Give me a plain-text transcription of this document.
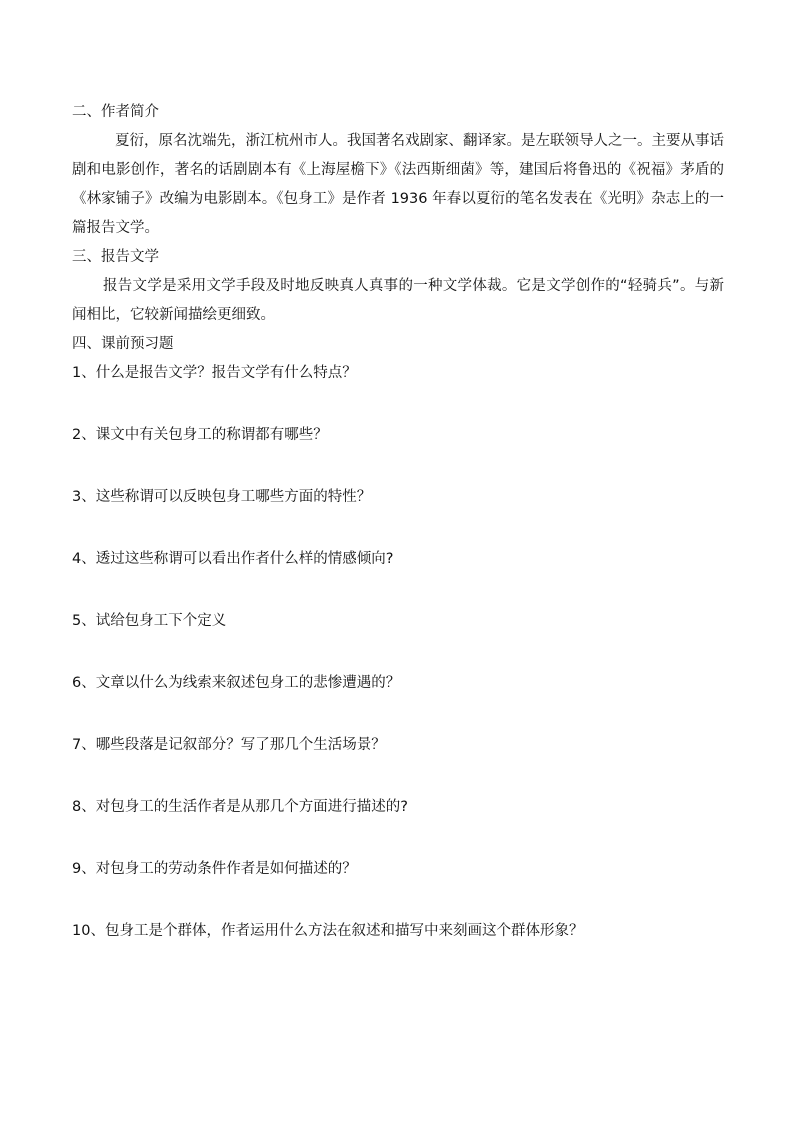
二、作者简介

夏衍，原名沈端先，浙江杭州市人。我国著名戏剧家、翻译家。是左联领导人之一。主要从事话剧和电影创作，著名的话剧剧本有《上海屋檐下》《法西斯细菌》等，建国后将鲁迅的《祝福》茅盾的《林家铺子》改编为电影剧本。《包身工》是作者 1936 年春以夏衍的笔名发表在《光明》杂志上的一篇报告文学。

三、报告文学

报告文学是采用文学手段及时地反映真人真事的一种文学体裁。它是文学创作的“轻骑兵”。与新闻相比，它较新闻描绘更细致。

四、课前预习题

1、什么是报告文学？报告文学有什么特点？

2、课文中有关包身工的称谓都有哪些？

3、这些称谓可以反映包身工哪些方面的特性？

4、透过这些称谓可以看出作者什么样的情感倾向?

5、试给包身工下个定义

6、文章以什么为线索来叙述包身工的悲惨遭遇的？

7、哪些段落是记叙部分？写了那几个生活场景？

8、对包身工的生活作者是从那几个方面进行描述的?

9、对包身工的劳动条件作者是如何描述的？

10、包身工是个群体，作者运用什么方法在叙述和描写中来刻画这个群体形象？
